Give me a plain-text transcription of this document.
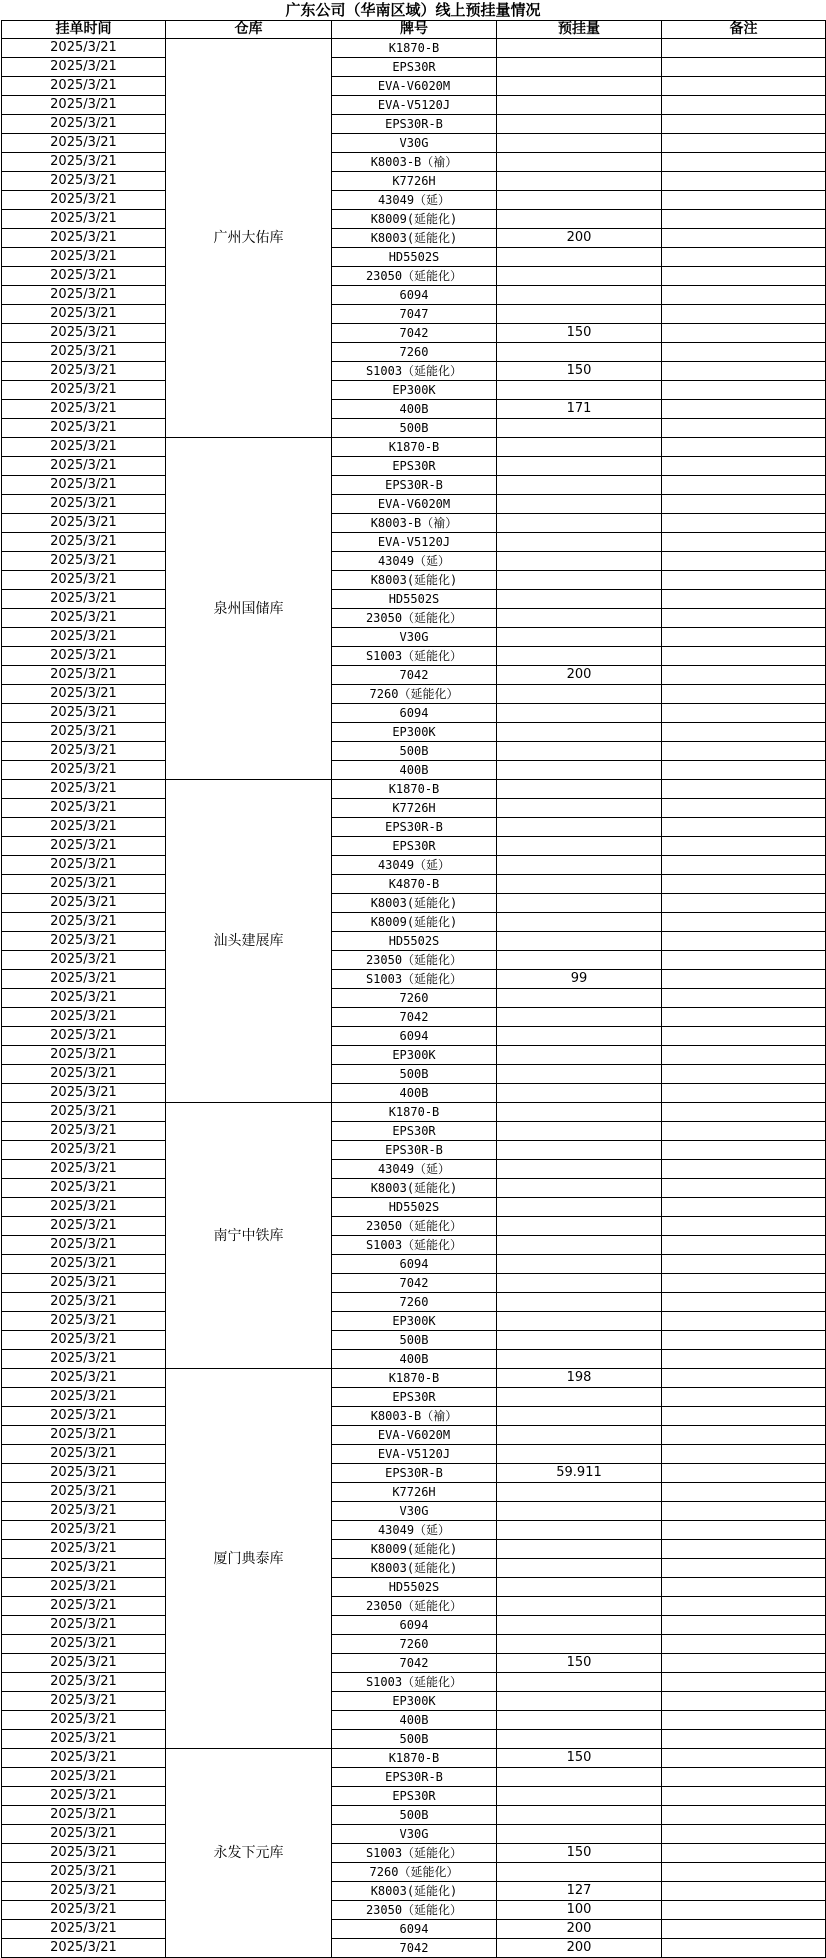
广东公司（华南区域）线上预挂量情况
挂单时间	仓库	牌号	预挂量	备注
2025/3/21	广州大佑库	K1870-B		
2025/3/21		EPS30R		
2025/3/21		EVA-V6020M		
2025/3/21		EVA-V5120J		
2025/3/21		EPS30R-B		
2025/3/21		V30G		
2025/3/21		K8003-B（褕）		
2025/3/21		K7726H		
2025/3/21		43049（延）		
2025/3/21		K8009(延能化)		
2025/3/21		K8003(延能化)	200	
2025/3/21		HD5502S		
2025/3/21		23050（延能化）		
2025/3/21		6094		
2025/3/21		7047		
2025/3/21		7042	150	
2025/3/21		7260		
2025/3/21		S1003（延能化）	150	
2025/3/21		EP300K		
2025/3/21		400B	171	
2025/3/21		500B		
2025/3/21	泉州国储库	K1870-B		
2025/3/21		EPS30R		
2025/3/21		EPS30R-B		
2025/3/21		EVA-V6020M		
2025/3/21		K8003-B（褕）		
2025/3/21		EVA-V5120J		
2025/3/21		43049（延）		
2025/3/21		K8003(延能化)		
2025/3/21		HD5502S		
2025/3/21		23050（延能化）		
2025/3/21		V30G		
2025/3/21		S1003（延能化）		
2025/3/21		7042	200	
2025/3/21		7260（延能化）		
2025/3/21		6094		
2025/3/21		EP300K		
2025/3/21		500B		
2025/3/21		400B		
2025/3/21	汕头建展库	K1870-B		
2025/3/21		K7726H		
2025/3/21		EPS30R-B		
2025/3/21		EPS30R		
2025/3/21		43049（延）		
2025/3/21		K4870-B		
2025/3/21		K8003(延能化)		
2025/3/21		K8009(延能化)		
2025/3/21		HD5502S		
2025/3/21		23050（延能化）		
2025/3/21		S1003（延能化）	99	
2025/3/21		7260		
2025/3/21		7042		
2025/3/21		6094		
2025/3/21		EP300K		
2025/3/21		500B		
2025/3/21		400B		
2025/3/21	南宁中铁库	K1870-B		
2025/3/21		EPS30R		
2025/3/21		EPS30R-B		
2025/3/21		43049（延）		
2025/3/21		K8003(延能化)		
2025/3/21		HD5502S		
2025/3/21		23050（延能化）		
2025/3/21		S1003（延能化）		
2025/3/21		6094		
2025/3/21		7042		
2025/3/21		7260		
2025/3/21		EP300K		
2025/3/21		500B		
2025/3/21		400B		
2025/3/21	厦门典泰库	K1870-B	198	
2025/3/21		EPS30R		
2025/3/21		K8003-B（褕）		
2025/3/21		EVA-V6020M		
2025/3/21		EVA-V5120J		
2025/3/21		EPS30R-B	59.911	
2025/3/21		K7726H		
2025/3/21		V30G		
2025/3/21		43049（延）		
2025/3/21		K8009(延能化)		
2025/3/21		K8003(延能化)		
2025/3/21		HD5502S		
2025/3/21		23050（延能化）		
2025/3/21		6094		
2025/3/21		7260		
2025/3/21		7042	150	
2025/3/21		S1003（延能化）		
2025/3/21		EP300K		
2025/3/21		400B		
2025/3/21		500B		
2025/3/21	永发下元库	K1870-B	150	
2025/3/21		EPS30R-B		
2025/3/21		EPS30R		
2025/3/21		500B		
2025/3/21		V30G		
2025/3/21		S1003（延能化）	150	
2025/3/21		7260（延能化）		
2025/3/21		K8003(延能化)	127	
2025/3/21		23050（延能化）	100	
2025/3/21		6094	200	
2025/3/21		7042	200	
